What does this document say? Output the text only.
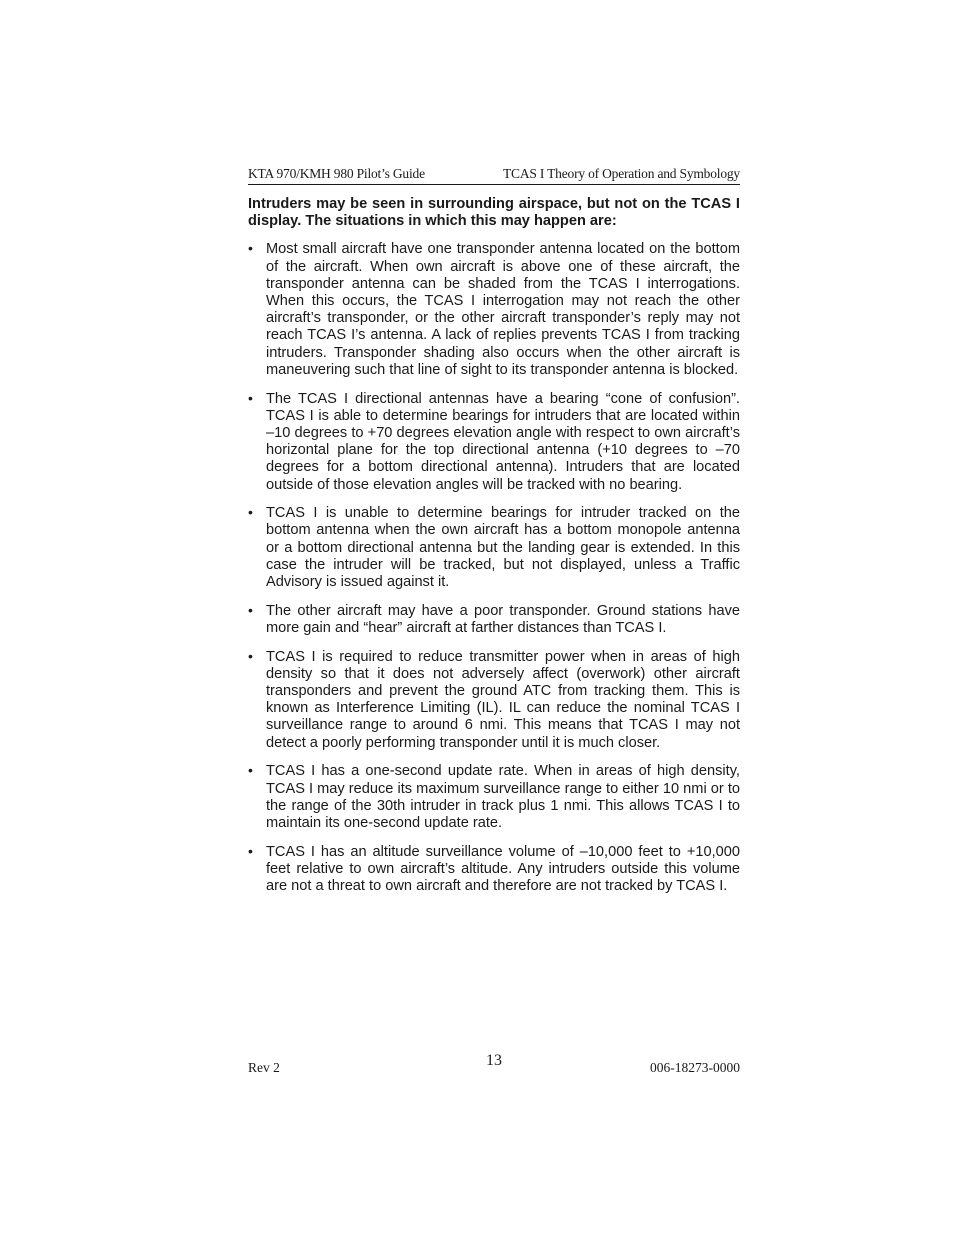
KTA 970/KMH 980 Pilot’s Guide	TCAS I Theory of Operation and Symbology

Intruders may be seen in surrounding airspace, but not on the TCAS I display. The situations in which this may happen are:

• Most small aircraft have one transponder antenna located on the bottom of the aircraft. When own aircraft is above one of these aircraft, the transponder antenna can be shaded from the TCAS I interrogations. When this occurs, the TCAS I interrogation may not reach the other aircraft’s transponder, or the other aircraft transponder’s reply may not reach TCAS I’s antenna. A lack of replies prevents TCAS I from tracking intruders. Transponder shading also occurs when the other aircraft is maneuvering such that line of sight to its transponder antenna is blocked.
• The TCAS I directional antennas have a bearing “cone of confusion”. TCAS I is able to determine bearings for intruders that are located within –10 degrees to +70 degrees elevation angle with respect to own aircraft’s horizontal plane for the top directional antenna (+10 degrees to –70 degrees for a bottom directional antenna). Intruders that are located outside of those elevation angles will be tracked with no bearing.
• TCAS I is unable to determine bearings for intruder tracked on the bottom antenna when the own aircraft has a bottom monopole antenna or a bottom directional antenna but the landing gear is extended. In this case the intruder will be tracked, but not displayed, unless a Traffic Advisory is issued against it.
• The other aircraft may have a poor transponder. Ground stations have more gain and “hear” aircraft at farther distances than TCAS I.
• TCAS I is required to reduce transmitter power when in areas of high density so that it does not adversely affect (overwork) other aircraft transponders and prevent the ground ATC from tracking them. This is known as Interference Limiting (IL). IL can reduce the nominal TCAS I surveillance range to around 6 nmi. This means that TCAS I may not detect a poorly performing transponder until it is much closer.
• TCAS I has a one-second update rate. When in areas of high density, TCAS I may reduce its maximum surveillance range to either 10 nmi or to the range of the 30th intruder in track plus 1 nmi. This allows TCAS I to maintain its one-second update rate.
• TCAS I has an altitude surveillance volume of –10,000 feet to +10,000 feet relative to own aircraft’s altitude. Any intruders outside this volume are not a threat to own aircraft and therefore are not tracked by TCAS I.
Rev 2	13	006-18273-0000
